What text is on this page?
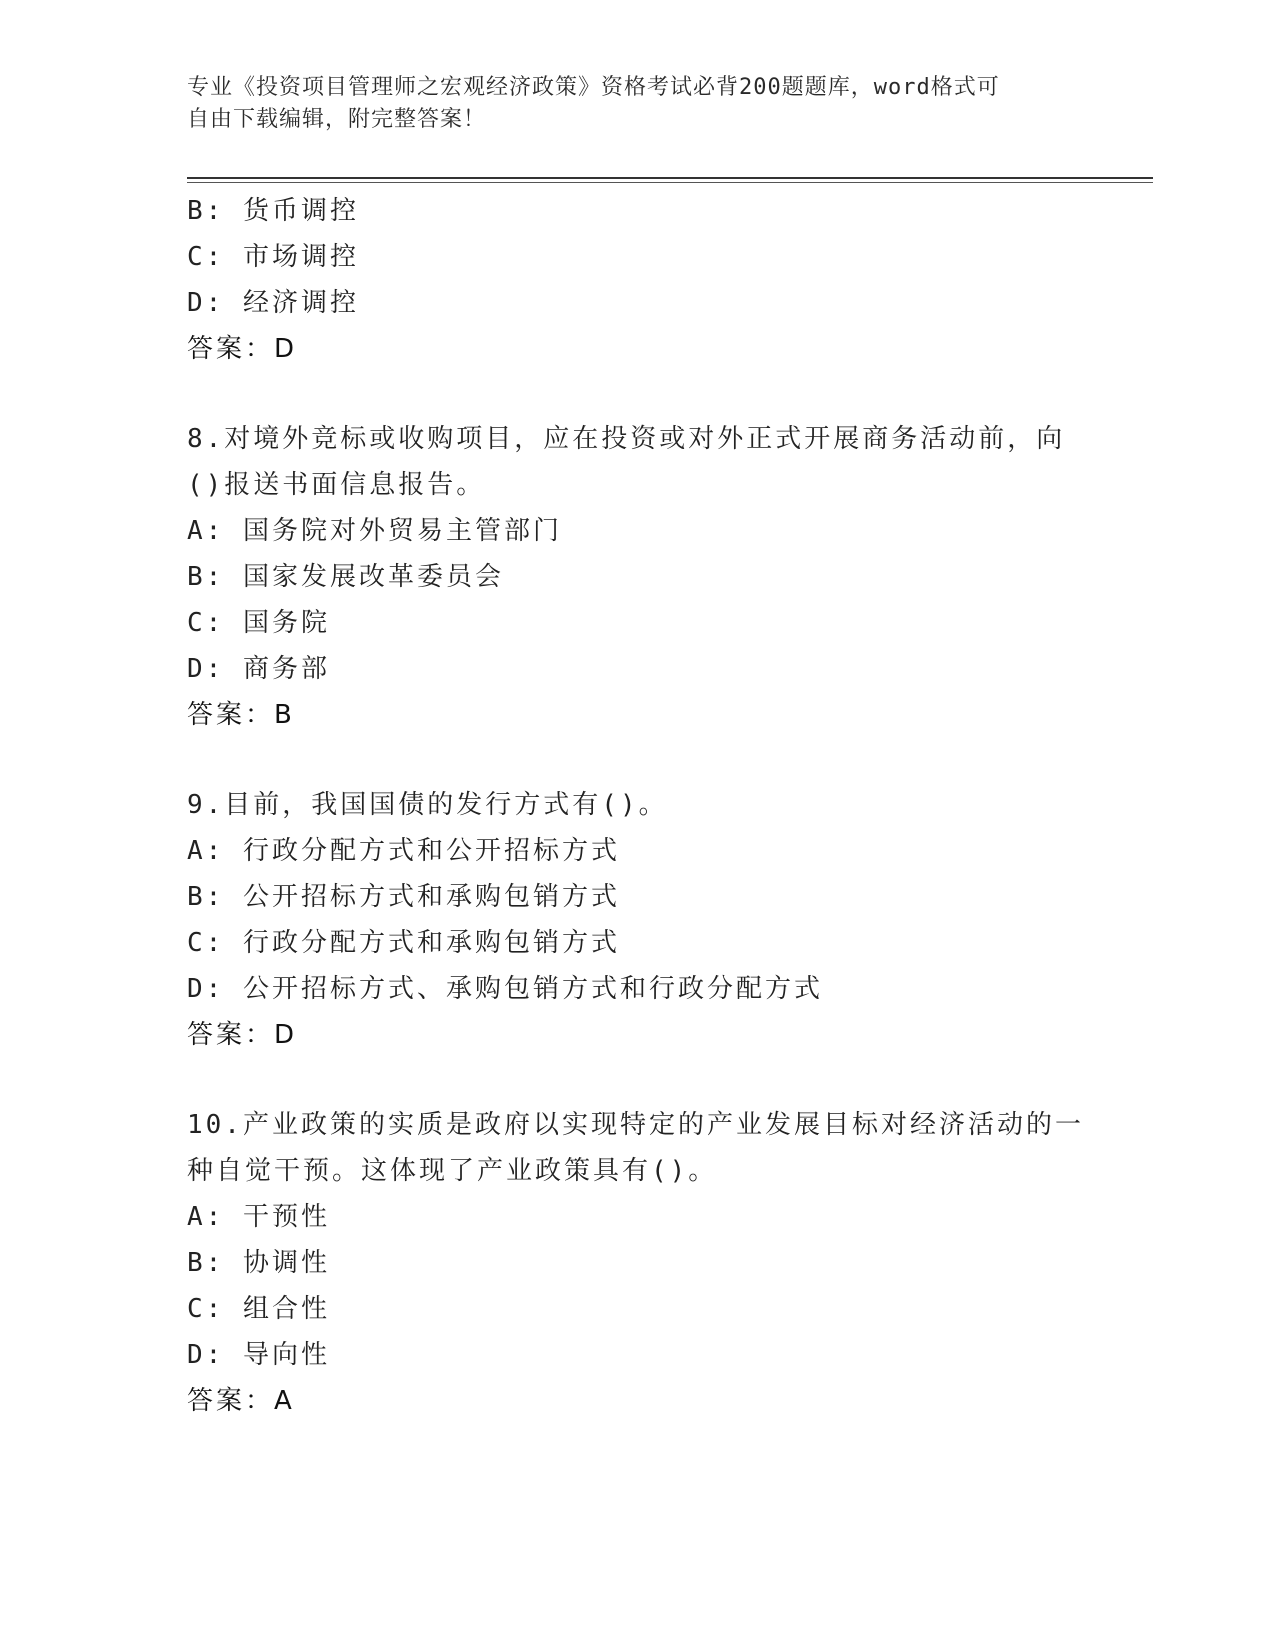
专业《投资项目管理师之宏观经济政策》资格考试必背200题题库，word格式可
自由下载编辑，附完整答案！
B: 货币调控
C: 市场调控
D: 经济调控
答案：D
8.对境外竞标或收购项目，应在投资或对外正式开展商务活动前，向
()报送书面信息报告。
A: 国务院对外贸易主管部门
B: 国家发展改革委员会
C: 国务院
D: 商务部
答案：B
9.目前，我国国债的发行方式有()。
A: 行政分配方式和公开招标方式
B: 公开招标方式和承购包销方式
C: 行政分配方式和承购包销方式
D: 公开招标方式、承购包销方式和行政分配方式
答案：D
10.产业政策的实质是政府以实现特定的产业发展目标对经济活动的一
种自觉干预。这体现了产业政策具有()。
A: 干预性
B: 协调性
C: 组合性
D: 导向性
答案：A
